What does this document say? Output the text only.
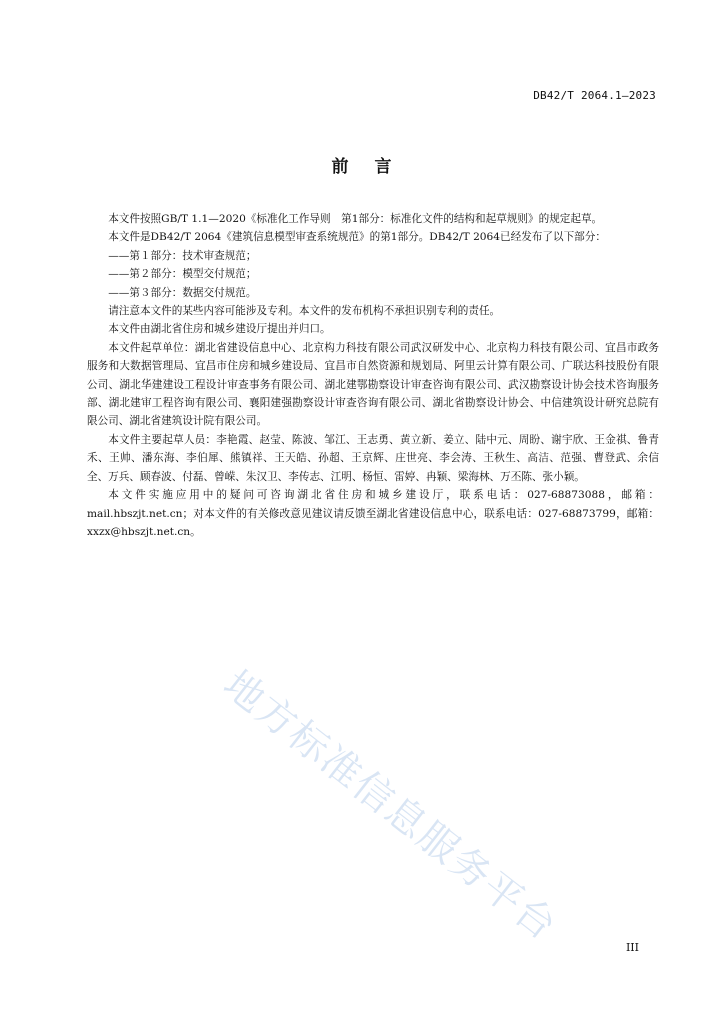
DB42/T 2064.1—2023
前 言

本文件按照GB/T 1.1—2020《标准化工作导则　第1部分：标准化文件的结构和起草规则》的规定起草。

本文件是DB42/T 2064《建筑信息模型审查系统规范》的第1部分。DB42/T 2064已经发布了以下部分：

——第１部分：技术审查规范；

——第２部分：模型交付规范；

——第３部分：数据交付规范。

请注意本文件的某些内容可能涉及专利。本文件的发布机构不承担识别专利的责任。

本文件由湖北省住房和城乡建设厅提出并归口。

本文件起草单位：湖北省建设信息中心、北京构力科技有限公司武汉研发中心、北京构力科技有限公司、宜昌市政务服务和大数据管理局、宜昌市住房和城乡建设局、宜昌市自然资源和规划局、阿里云计算有限公司、广联达科技股份有限公司、湖北华建建设工程设计审查事务有限公司、湖北建鄂勘察设计审查咨询有限公司、武汉勘察设计协会技术咨询服务部、湖北建审工程咨询有限公司、襄阳建强勘察设计审查咨询有限公司、湖北省勘察设计协会、中信建筑设计研究总院有限公司、湖北省建筑设计院有限公司。

本文件主要起草人员：李艳霞、赵莹、陈波、邹江、王志勇、黄立新、姜立、陆中元、周盼、谢宇欣、王金祺、鲁青禾、王帅、潘东海、李伯犀、熊镇祥、王天皓、孙超、王京辉、庄世亮、李会涛、王秋生、高洁、范强、曹登武、余信全、万兵、顾春波、付磊、曾嵘、朱汉卫、李传志、江明、杨恒、雷婷、冉颖、梁海林、万丕陈、张小颖。

本文件实施应用中的疑问可咨询湖北省住房和城乡建设厅，联系电话：027-68873088，邮箱：mail.hbszjt.net.cn；对本文件的有关修改意见建议请反馈至湖北省建设信息中心，联系电话：027-68873799，邮箱：xxzx@hbszjt.net.cn。

地方标准信息服务平台	III
